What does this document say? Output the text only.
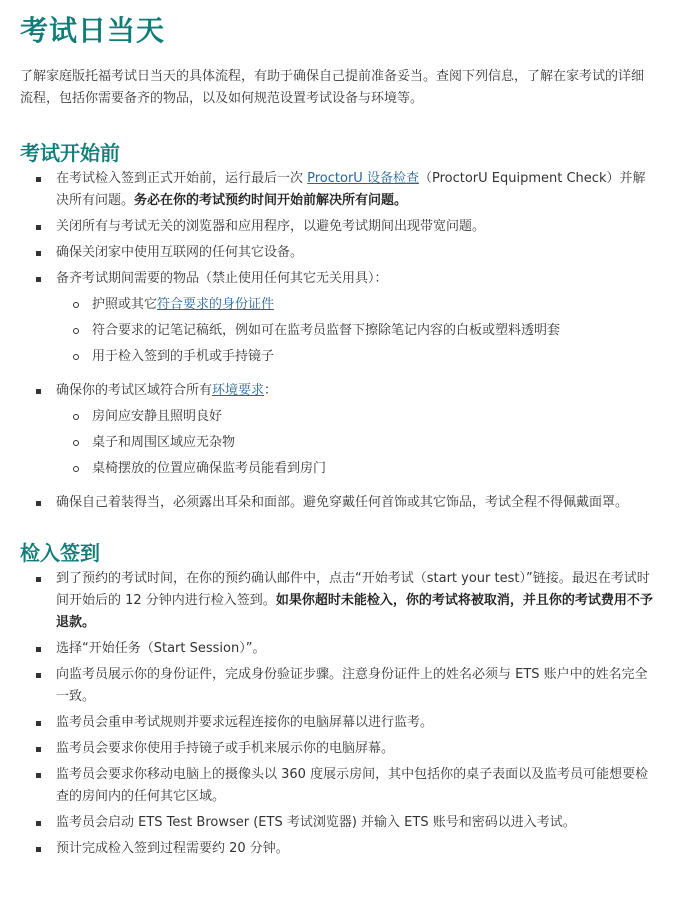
考试日当天

了解家庭版托福考试日当天的具体流程，有助于确保自己提前准备妥当。查阅下列信息，了解在家考试的详细流程，包括你需要备齐的物品，以及如何规范设置考试设备与环境等。

考试开始前
在考试检入签到正式开始前，运行最后一次 ProctorU 设备检查（ProctorU Equipment Check）并解决所有问题。务必在你的考试预约时间开始前解决所有问题。
关闭所有与考试无关的浏览器和应用程序，以避免考试期间出现带宽问题。
确保关闭家中使用互联网的任何其它设备。
备齐考试期间需要的物品（禁止使用任何其它无关用具）：
护照或其它符合要求的身份证件
符合要求的记笔记稿纸，例如可在监考员监督下擦除笔记内容的白板或塑料透明套
用于检入签到的手机或手持镜子
确保你的考试区域符合所有环境要求：
房间应安静且照明良好
桌子和周围区域应无杂物
桌椅摆放的位置应确保监考员能看到房门
确保自己着装得当，必须露出耳朵和面部。避免穿戴任何首饰或其它饰品，考试全程不得佩戴面罩。
检入签到
到了预约的考试时间，在你的预约确认邮件中，点击“开始考试（start your test）”链接。最迟在考试时间开始后的 12 分钟内进行检入签到。如果你超时未能检入，你的考试将被取消，并且你的考试费用不予退款。
选择“开始任务（Start Session）”。
向监考员展示你的身份证件，完成身份验证步骤。注意身份证件上的姓名必须与 ETS 账户中的姓名完全一致。
监考员会重申考试规则并要求远程连接你的电脑屏幕以进行监考。
监考员会要求你使用手持镜子或手机来展示你的电脑屏幕。
监考员会要求你移动电脑上的摄像头以 360 度展示房间，其中包括你的桌子表面以及监考员可能想要检查的房间内的任何其它区域。
监考员会启动 ETS Test Browser (ETS 考试浏览器) 并输入 ETS 账号和密码以进入考试。
预计完成检入签到过程需要约 20 分钟。
